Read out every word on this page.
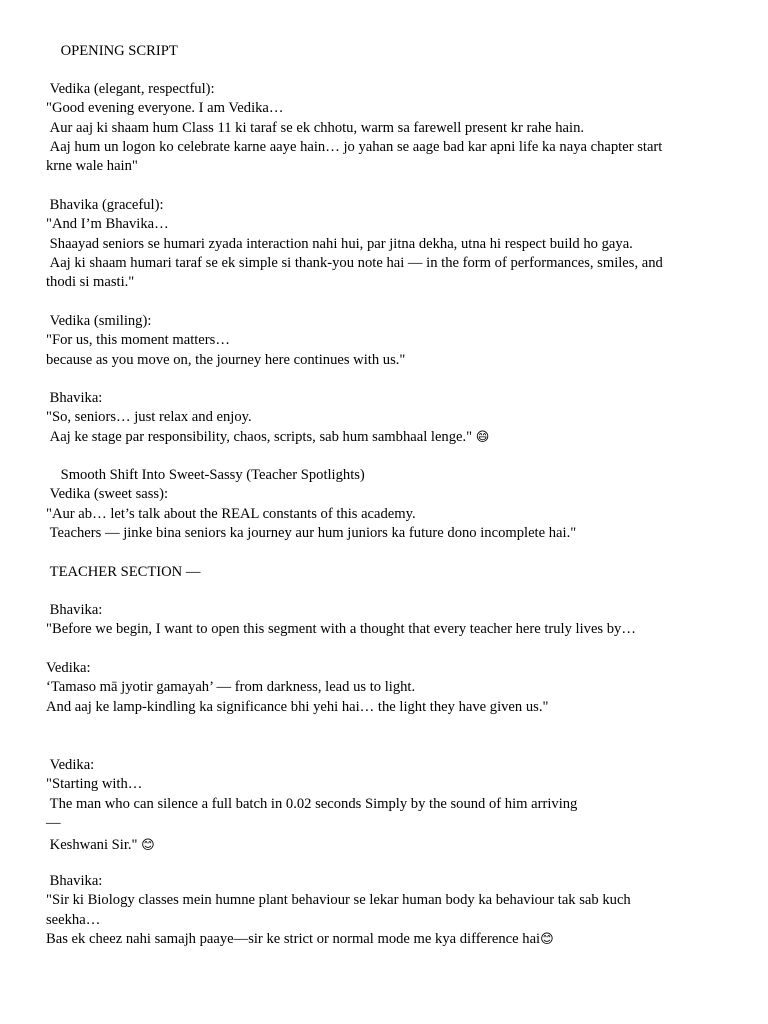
OPENING SCRIPT
Vedika (elegant, respectful):
"Good evening everyone. I am Vedika…
Aur aaj ki shaam hum Class 11 ki taraf se ek chhotu, warm sa farewell present kr rahe hain.
Aaj hum un logon ko celebrate karne aaye hain… jo yahan se aage bad kar apni life ka naya chapter start
krne wale hain"
Bhavika (graceful):
"And I’m Bhavika…
Shaayad seniors se humari zyada interaction nahi hui, par jitna dekha, utna hi respect build ho gaya.
Aaj ki shaam humari taraf se ek simple si thank-you note hai — in the form of performances, smiles, and
thodi si masti."
Vedika (smiling):
"For us, this moment matters…
because as you move on, the journey here continues with us."
Bhavika:
"So, seniors… just relax and enjoy.
Aaj ke stage par responsibility, chaos, scripts, sab hum sambhaal lenge." 😄
Smooth Shift Into Sweet-Sassy (Teacher Spotlights)
Vedika (sweet sass):
"Aur ab… let’s talk about the REAL constants of this academy.
Teachers — jinke bina seniors ka journey aur hum juniors ka future dono incomplete hai."
TEACHER SECTION —
Bhavika:
"Before we begin, I want to open this segment with a thought that every teacher here truly lives by…
Vedika:
‘Tamaso mā jyotir gamayah’ — from darkness, lead us to light.
And aaj ke lamp-kindling ka significance bhi yehi hai… the light they have given us."
Vedika:
"Starting with…
The man who can silence a full batch in 0.02 seconds Simply by the sound of him arriving
—
Keshwani Sir." 😊
Bhavika:
"Sir ki Biology classes mein humne plant behaviour se lekar human body ka behaviour tak sab kuch
seekha…
Bas ek cheez nahi samajh paaye—sir ke strict or normal mode me kya difference hai😊
